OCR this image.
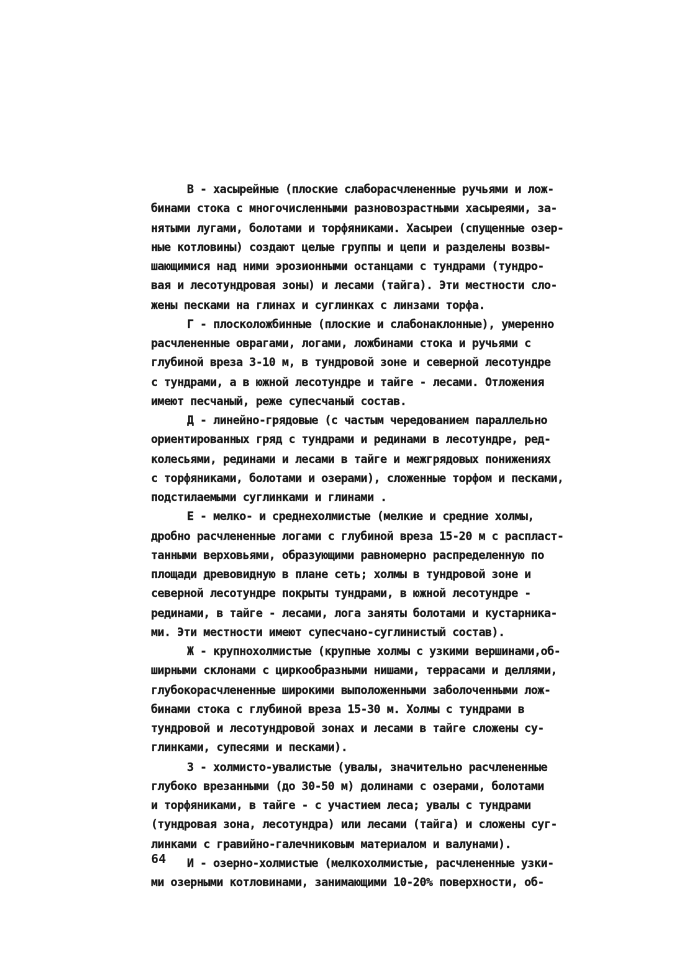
В - хасырейные (плоские слаборасчлененные ручьями и лож-
бинами стока с многочисленными разновозрастными хасыреями, за-
нятыми лугами, болотами и торфяниками. Хасыреи (спущенные озер-
ные котловины) создают целые группы и цепи и разделены возвы-
шающимися над ними эрозионными останцами с тундрами (тундро-
вая и лесотундровая зоны) и лесами (тайга). Эти местности сло-
жены песками на глинах и суглинках с линзами торфа.
Г - плосколожбинные (плоские и слабонаклонные), умеренно
расчлененные оврагами, логами, ложбинами стока и ручьями с
глубиной вреза 3-10 м, в тундровой зоне и северной лесотундре
с тундрами, а в южной лесотундре и тайге - лесами. Отложения
имеют песчаный, реже супесчаный состав.
Д - линейно-грядовые (с частым чередованием параллельно
ориентированных гряд с тундрами и рединами в лесотундре, ред-
колесьями, рединами и лесами в тайге и межгрядовых понижениях
с торфяниками, болотами и озерами), сложенные торфом и песками,
подстилаемыми суглинками и глинами .
Е - мелко- и среднехолмистые (мелкие и средние холмы,
дробно расчлененные логами с глубиной вреза 15-20 м с распласт-
танными верховьями, образующими равномерно распределенную по
площади древовидную в плане сеть; холмы в тундровой зоне и
северной лесотундре покрыты тундрами, в южной лесотундре -
рединами, в тайге - лесами, лога заняты болотами и кустарника-
ми. Эти местности имеют супесчано-суглинистый состав).
Ж - крупнохолмистые (крупные холмы с узкими вершинами,об-
ширными склонами с циркообразными нишами, террасами и деллями,
глубокорасчлененные широкими выположенными заболоченными лож-
бинами стока с глубиной вреза 15-30 м. Холмы с тундрами в
тундровой и лесотундровой зонах и лесами в тайге сложены су-
глинками, супесями и песками).
З - холмисто-увалистые (увалы, значительно расчлененные
глубоко врезанными (до 30-50 м) долинами с озерами, болотами
и торфяниками, в тайге - с участием леса; увалы с тундрами
(тундровая зона, лесотундра) или лесами (тайга) и сложены суг-
линками с гравийно-галечниковым материалом и валунами).
И - озерно-холмистые (мелкохолмистые, расчлененные узки-
ми озерными котловинами, занимающими 10-20% поверхности, об-
64
